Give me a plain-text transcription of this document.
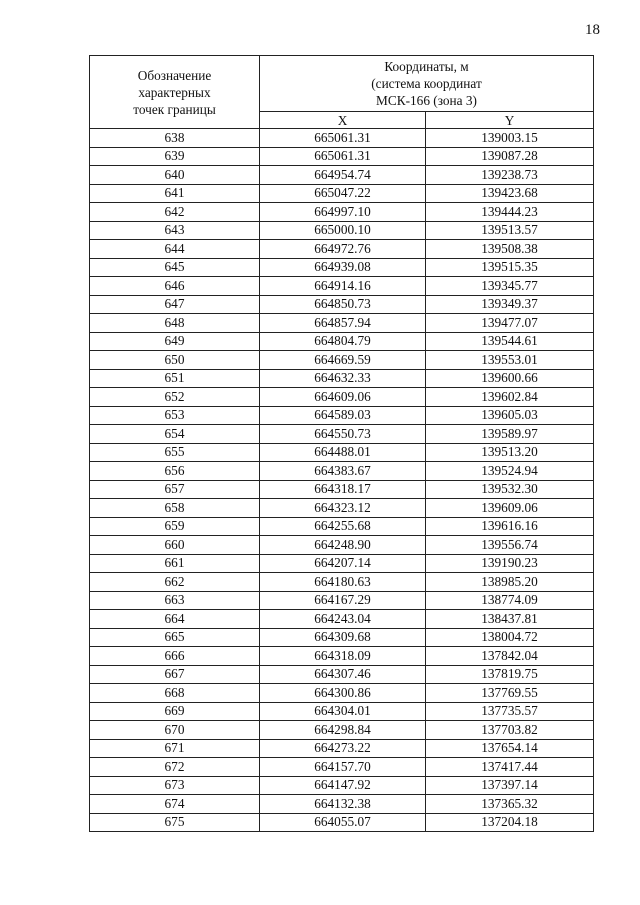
18
Обозначение
характерных
точек границы	Координаты, м
(система координат
МСК-166 (зона 3)	

	X	Y
638	665061.31	139003.15
639	665061.31	139087.28
640	664954.74	139238.73
641	665047.22	139423.68
642	664997.10	139444.23
643	665000.10	139513.57
644	664972.76	139508.38
645	664939.08	139515.35
646	664914.16	139345.77
647	664850.73	139349.37
648	664857.94	139477.07
649	664804.79	139544.61
650	664669.59	139553.01
651	664632.33	139600.66
652	664609.06	139602.84
653	664589.03	139605.03
654	664550.73	139589.97
655	664488.01	139513.20
656	664383.67	139524.94
657	664318.17	139532.30
658	664323.12	139609.06
659	664255.68	139616.16
660	664248.90	139556.74
661	664207.14	139190.23
662	664180.63	138985.20
663	664167.29	138774.09
664	664243.04	138437.81
665	664309.68	138004.72
666	664318.09	137842.04
667	664307.46	137819.75
668	664300.86	137769.55
669	664304.01	137735.57
670	664298.84	137703.82
671	664273.22	137654.14
672	664157.70	137417.44
673	664147.92	137397.14
674	664132.38	137365.32
675	664055.07	137204.18
